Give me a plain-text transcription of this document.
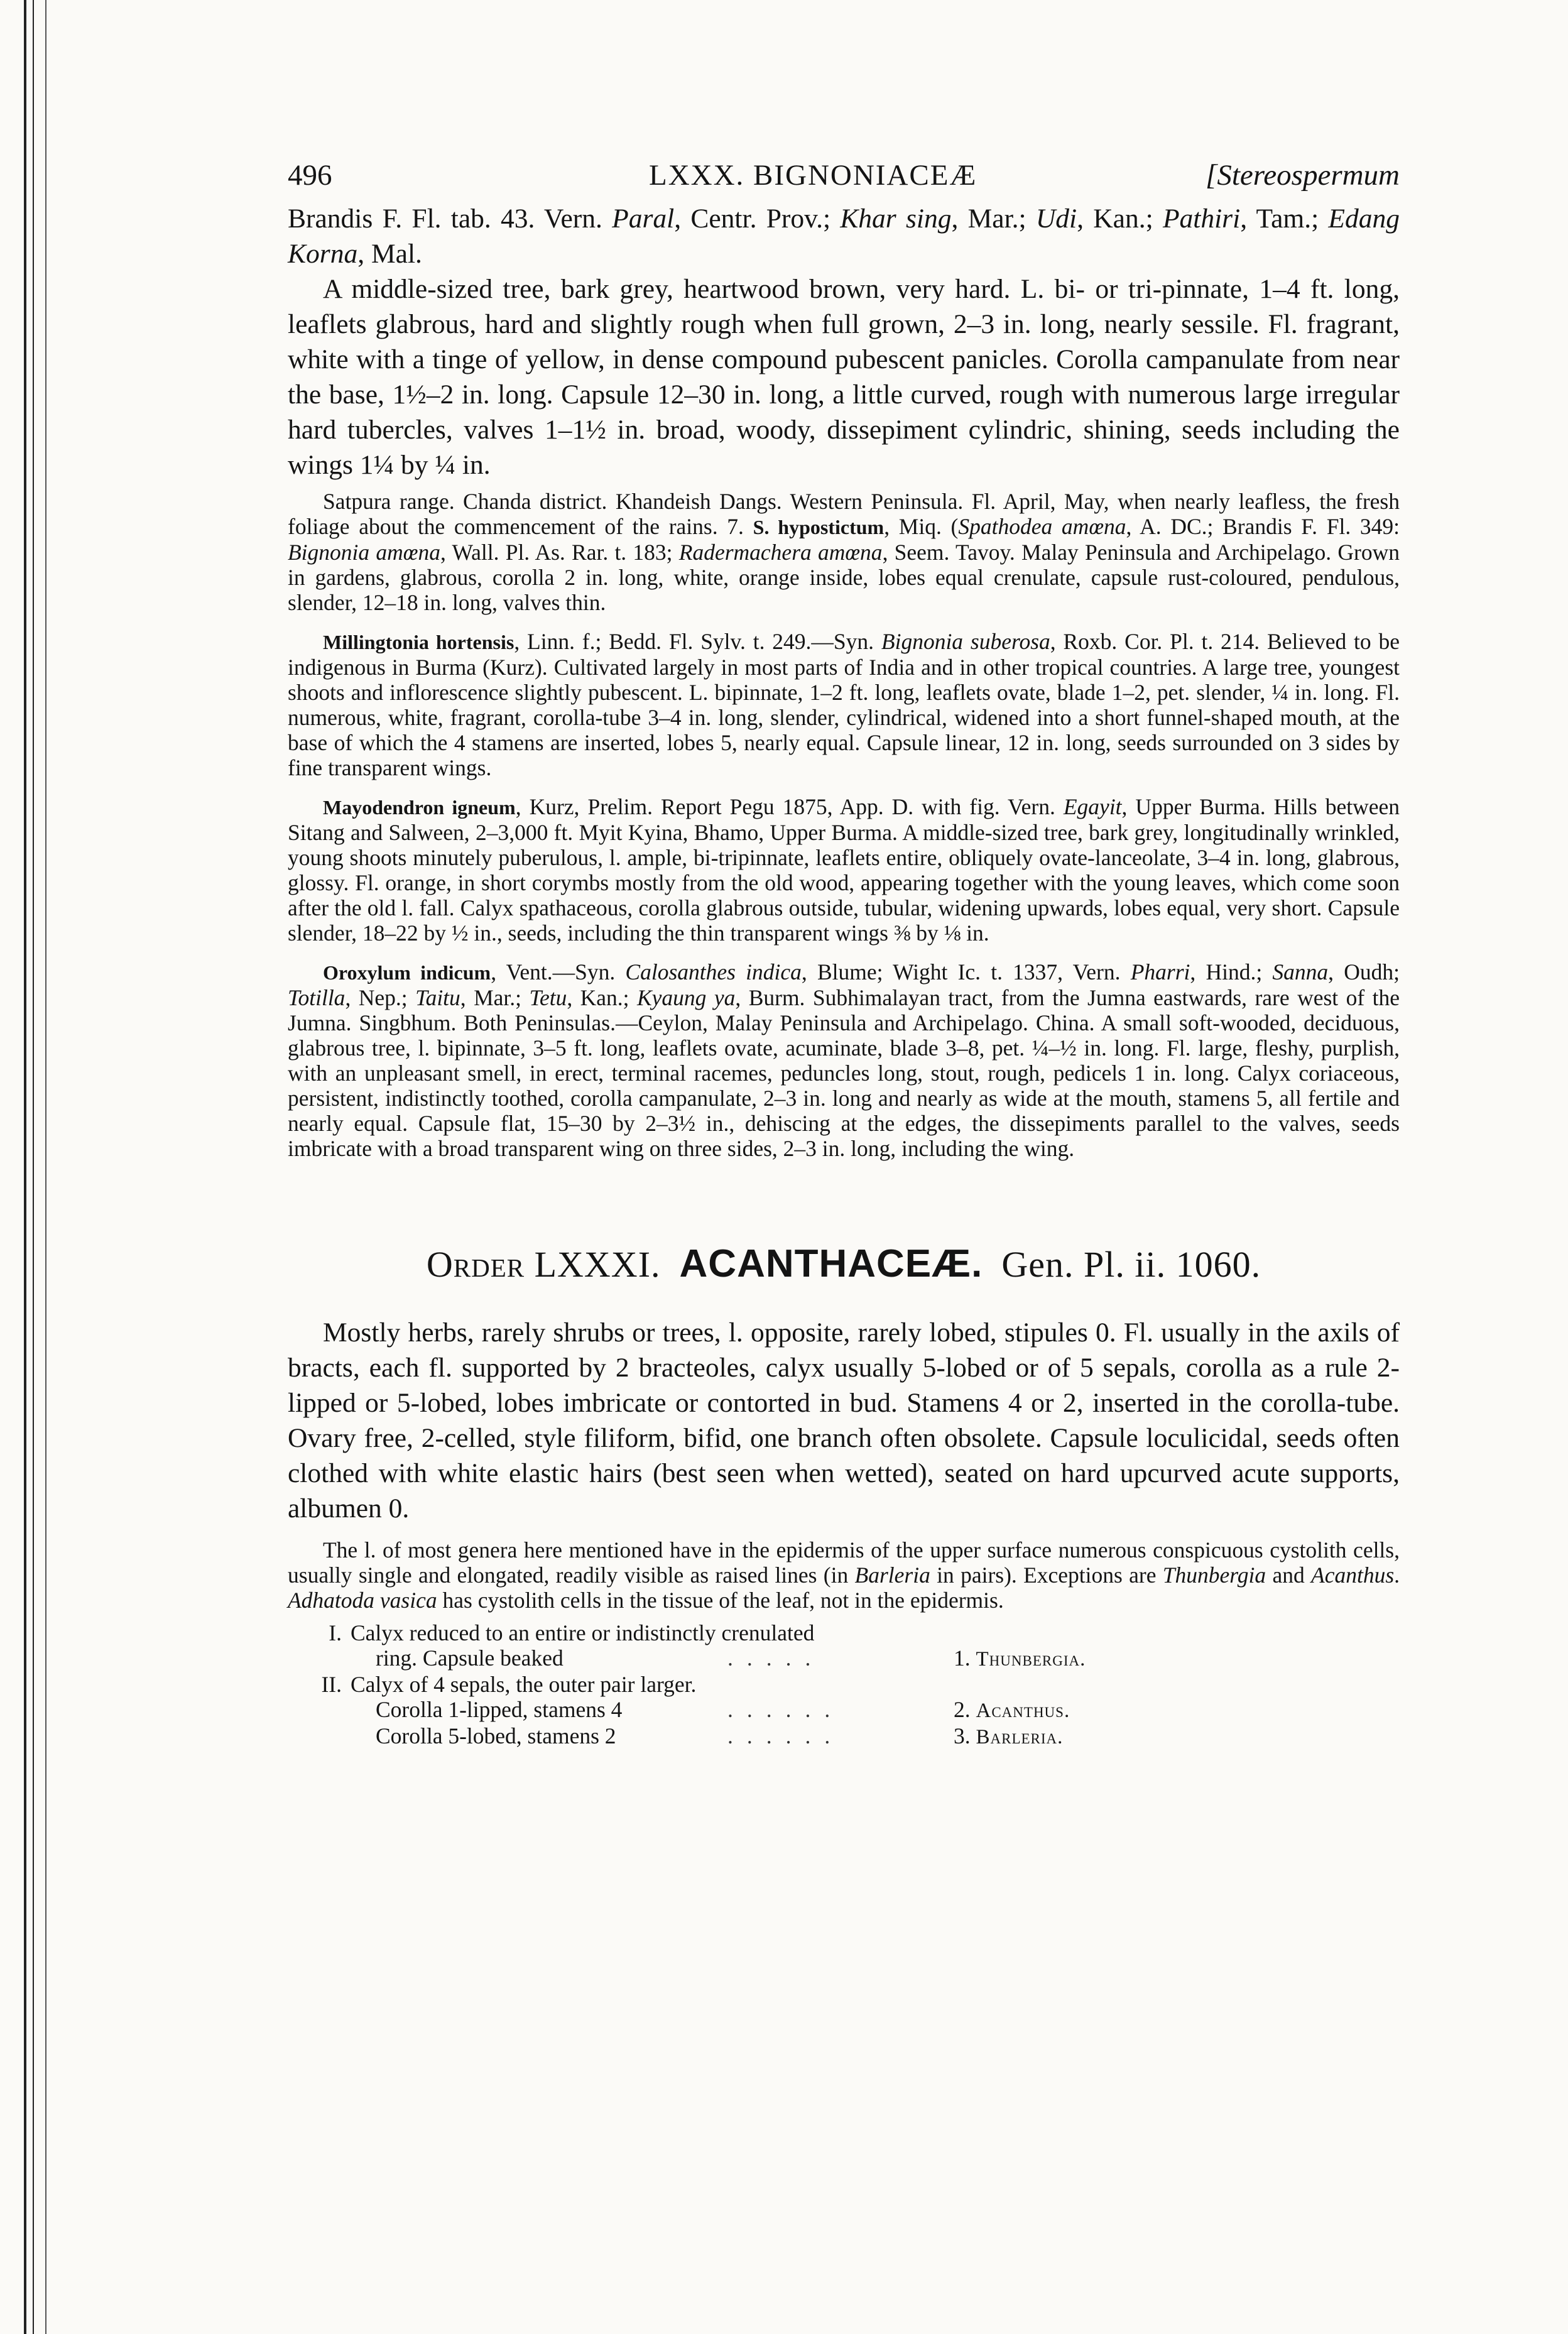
496	LXXX. BIGNONIACEÆ	[Stereospermum

Brandis F. Fl. tab. 43. Vern. Paral, Centr. Prov.; Khar sing, Mar.; Udi, Kan.; Pathiri, Tam.; Edang Korna, Mal.

A middle-sized tree, bark grey, heartwood brown, very hard. L. bi- or tri-pinnate, 1–4 ft. long, leaflets glabrous, hard and slightly rough when full grown, 2–3 in. long, nearly sessile. Fl. fragrant, white with a tinge of yellow, in dense compound pubescent panicles. Corolla campanulate from near the base, 1½–2 in. long. Capsule 12–30 in. long, a little curved, rough with numerous large irregular hard tubercles, valves 1–1½ in. broad, woody, dissepiment cylindric, shining, seeds including the wings 1¼ by ¼ in.

Satpura range. Chanda district. Khandeish Dangs. Western Peninsula. Fl. April, May, when nearly leafless, the fresh foliage about the commencement of the rains. 7. S. hypostictum, Miq. (Spathodea amœna, A. DC.; Brandis F. Fl. 349: Bignonia amœna, Wall. Pl. As. Rar. t. 183; Radermachera amœna, Seem. Tavoy. Malay Peninsula and Archipelago. Grown in gardens, glabrous, corolla 2 in. long, white, orange inside, lobes equal crenulate, capsule rust-coloured, pendulous, slender, 12–18 in. long, valves thin.

Millingtonia hortensis, Linn. f.; Bedd. Fl. Sylv. t. 249.—Syn. Bignonia suberosa, Roxb. Cor. Pl. t. 214. Believed to be indigenous in Burma (Kurz). Cultivated largely in most parts of India and in other tropical countries. A large tree, youngest shoots and inflorescence slightly pubescent. L. bipinnate, 1–2 ft. long, leaflets ovate, blade 1–2, pet. slender, ¼ in. long. Fl. numerous, white, fragrant, corolla-tube 3–4 in. long, slender, cylindrical, widened into a short funnel-shaped mouth, at the base of which the 4 stamens are inserted, lobes 5, nearly equal. Capsule linear, 12 in. long, seeds surrounded on 3 sides by fine transparent wings.

Mayodendron igneum, Kurz, Prelim. Report Pegu 1875, App. D. with fig. Vern. Egayit, Upper Burma. Hills between Sitang and Salween, 2–3,000 ft. Myit Kyina, Bhamo, Upper Burma. A middle-sized tree, bark grey, longitudinally wrinkled, young shoots minutely puberulous, l. ample, bi-tripinnate, leaflets entire, obliquely ovate-lanceolate, 3–4 in. long, glabrous, glossy. Fl. orange, in short corymbs mostly from the old wood, appearing together with the young leaves, which come soon after the old l. fall. Calyx spathaceous, corolla glabrous outside, tubular, widening upwards, lobes equal, very short. Capsule slender, 18–22 by ½ in., seeds, including the thin transparent wings ⅜ by ⅛ in.

Oroxylum indicum, Vent.—Syn. Calosanthes indica, Blume; Wight Ic. t. 1337, Vern. Pharri, Hind.; Sanna, Oudh; Totilla, Nep.; Taitu, Mar.; Tetu, Kan.; Kyaung ya, Burm. Subhimalayan tract, from the Jumna eastwards, rare west of the Jumna. Singbhum. Both Peninsulas.—Ceylon, Malay Peninsula and Archipelago. China. A small soft-wooded, deciduous, glabrous tree, l. bipinnate, 3–5 ft. long, leaflets ovate, acuminate, blade 3–8, pet. ¼–½ in. long. Fl. large, fleshy, purplish, with an unpleasant smell, in erect, terminal racemes, peduncles long, stout, rough, pedicels 1 in. long. Calyx coriaceous, persistent, indistinctly toothed, corolla campanulate, 2–3 in. long and nearly as wide at the mouth, stamens 5, all fertile and nearly equal. Capsule flat, 15–30 by 2–3½ in., dehiscing at the edges, the dissepiments parallel to the valves, seeds imbricate with a broad transparent wing on three sides, 2–3 in. long, including the wing.

Order LXXXI. ACANTHACEÆ. Gen. Pl. ii. 1060.

Mostly herbs, rarely shrubs or trees, l. opposite, rarely lobed, stipules 0. Fl. usually in the axils of bracts, each fl. supported by 2 bracteoles, calyx usually 5-lobed or of 5 sepals, corolla as a rule 2-lipped or 5-lobed, lobes imbricate or contorted in bud. Stamens 4 or 2, inserted in the corolla-tube. Ovary free, 2-celled, style filiform, bifid, one branch often obsolete. Capsule loculicidal, seeds often clothed with white elastic hairs (best seen when wetted), seated on hard upcurved acute supports, albumen 0.

The l. of most genera here mentioned have in the epidermis of the upper surface numerous conspicuous cystolith cells, usually single and elongated, readily visible as raised lines (in Barleria in pairs). Exceptions are Thunbergia and Acanthus. Adhatoda vasica has cystolith cells in the tissue of the leaf, not in the epidermis.

I. Calyx reduced to an entire or indistinctly crenulated
ring. Capsule beaked	.....	1. Thunbergia.
II. Calyx of 4 sepals, the outer pair larger.
Corolla 1-lipped, stamens 4	......	2. Acanthus.
Corolla 5-lobed, stamens 2	......	3. Barleria.
